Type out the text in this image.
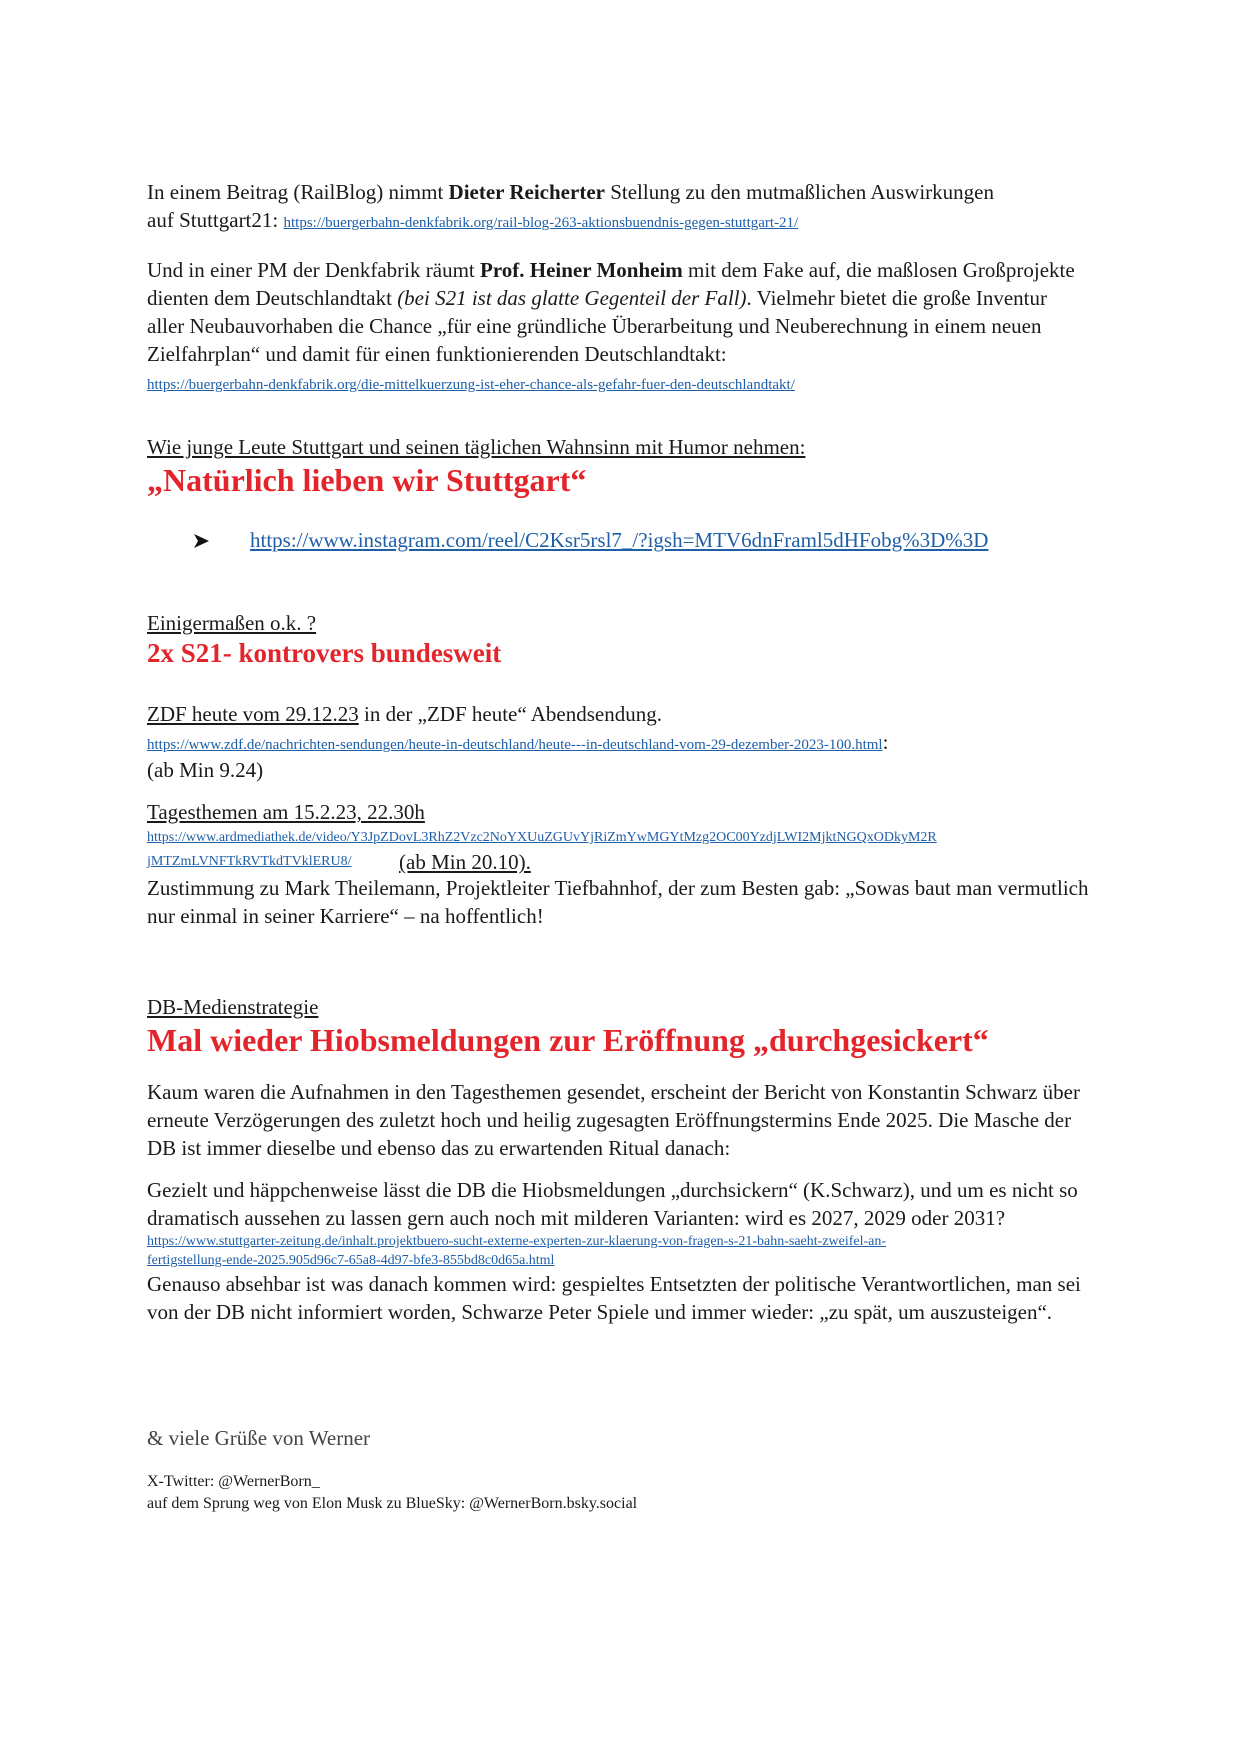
In einem Beitrag (RailBlog) nimmt Dieter Reicherter Stellung zu den mutmaßlichen Auswirkungen
auf Stuttgart21: https://buergerbahn-denkfabrik.org/rail-blog-263-aktionsbuendnis-gegen-stuttgart-21/

Und in einer PM der Denkfabrik räumt Prof. Heiner Monheim mit dem Fake auf, die maßlosen Großprojekte dienten dem Deutschlandtakt (bei S21 ist das glatte Gegenteil der Fall). Vielmehr bietet die große Inventur aller Neubauvorhaben die Chance „für eine gründliche Überarbeitung und Neuberechnung in einem neuen Zielfahrplan“ und damit für einen funktionierenden Deutschlandtakt:
https://buergerbahn-denkfabrik.org/die-mittelkuerzung-ist-eher-chance-als-gefahr-fuer-den-deutschlandtakt/

Wie junge Leute Stuttgart und seinen täglichen Wahnsinn mit Humor nehmen:
„Natürlich lieben wir Stuttgart“
https://www.instagram.com/reel/C2Ksr5rsl7_/?igsh=MTV6dnFraml5dHFobg%3D%3D
Einigermaßen o.k. ?
2x S21- kontrovers bundesweit

ZDF heute vom 29.12.23 in der „ZDF heute“ Abendsendung.

https://www.zdf.de/nachrichten-sendungen/heute-in-deutschland/heute---in-deutschland-vom-29-dezember-2023-100.html:

(ab Min 9.24)

Tagesthemen am 15.2.23, 22.30h

https://www.ardmediathek.de/video/Y3JpZDovL3RhZ2Vzc2NoYXUuZGUvYjRiZmYwMGYtMzg2OC00YzdjLWI2MjktNGQxODkyM2R
jMTZmLVNFTkRVTkdTVklERU8/	(ab Min 20.10).

Zustimmung zu Mark Theilemann, Projektleiter Tiefbahnhof, der zum Besten gab: „Sowas baut man vermutlich nur einmal in seiner Karriere“ – na hoffentlich!

DB-Medienstrategie
Mal wieder Hiobsmeldungen zur Eröffnung „durchgesickert“

Kaum waren die Aufnahmen in den Tagesthemen gesendet, erscheint der Bericht von Konstantin Schwarz über erneute Verzögerungen des zuletzt hoch und heilig zugesagten Eröffnungstermins Ende 2025. Die Masche der DB ist immer dieselbe und ebenso das zu erwartenden Ritual danach:

Gezielt und häppchenweise lässt die DB die Hiobsmeldungen „durchsickern“ (K.Schwarz), und um es nicht so dramatisch aussehen zu lassen gern auch noch mit milderen Varianten: wird es 2027, 2029 oder 2031?

https://www.stuttgarter-zeitung.de/inhalt.projektbuero-sucht-externe-experten-zur-klaerung-von-fragen-s-21-bahn-saeht-zweifel-an-
fertigstellung-ende-2025.905d96c7-65a8-4d97-bfe3-855bd8c0d65a.html

Genauso absehbar ist was danach kommen wird: gespieltes Entsetzten der politische Verantwortlichen, man sei von der DB nicht informiert worden, Schwarze Peter Spiele und immer wieder: „zu spät, um auszusteigen“.

& viele Grüße von Werner
X-Twitter: @WernerBorn_
auf dem Sprung weg von Elon Musk zu BlueSky: @WernerBorn.bsky.social
